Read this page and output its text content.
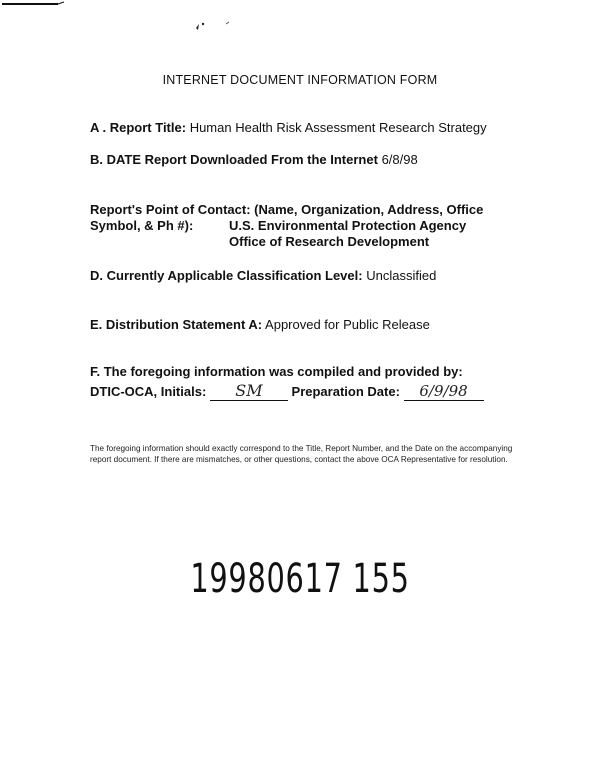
INTERNET DOCUMENT INFORMATION FORM
A . Report Title: Human Health Risk Assessment Research Strategy
B. DATE Report Downloaded From the Internet 6/8/98
Report's Point of Contact: (Name, Organization, Address, Office
Symbol, & Ph #):	U.S. Environmental Protection Agency
Office of Research Development
D. Currently Applicable Classification Level: Unclassified
E. Distribution Statement A: Approved for Public Release
F. The foregoing information was compiled and provided by:
DTIC-OCA, Initials: SM Preparation Date: 6/9/98
The foregoing information should exactly correspond to the Title, Report Number, and the Date on the accompanying report document. If there are mismatches, or other questions, contact the above OCA Representative for resolution.
19980617 155
